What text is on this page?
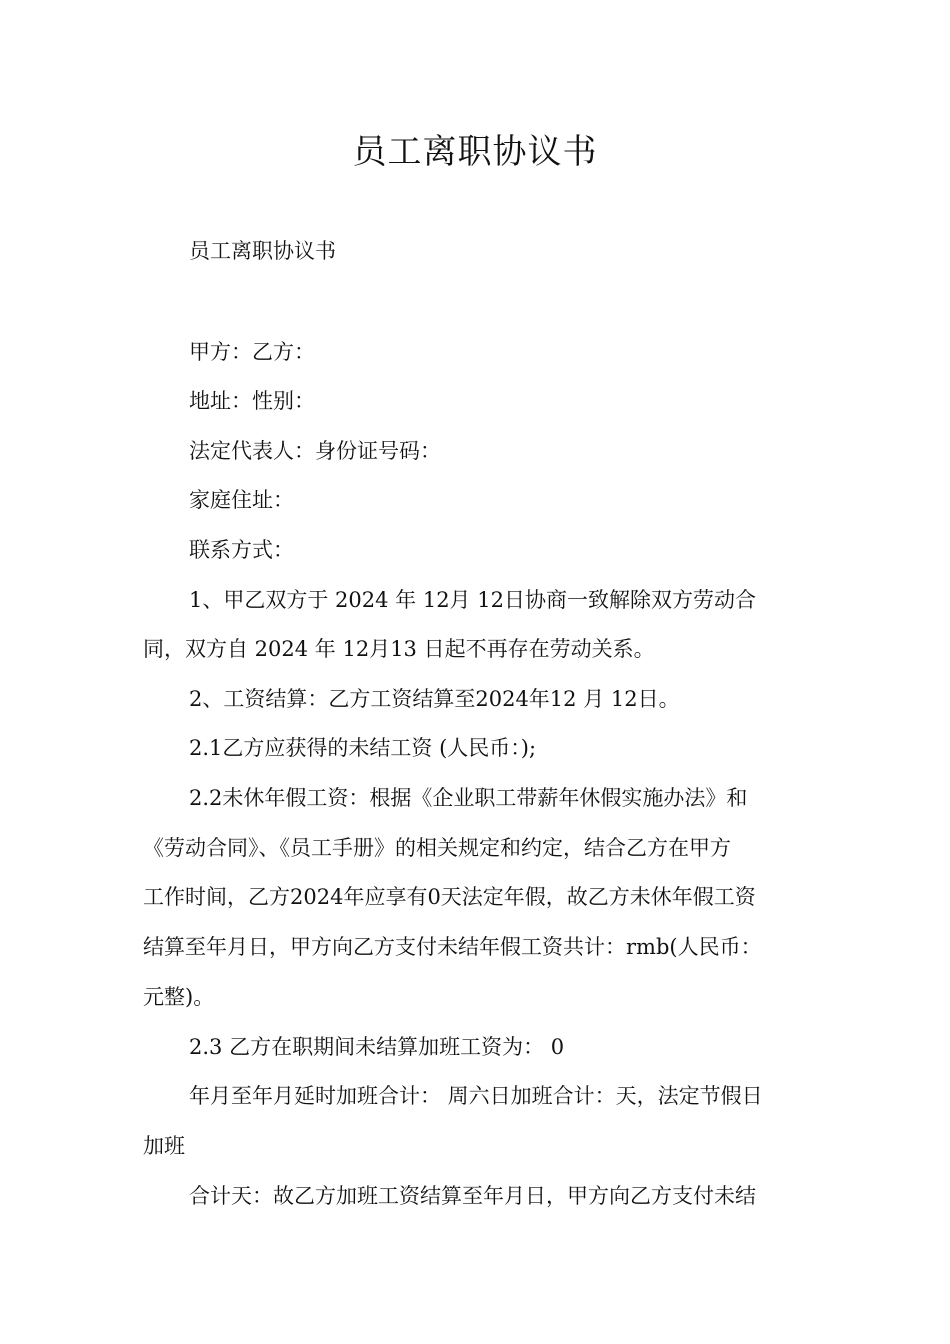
员工离职协议书
员工离职协议书
甲方：乙方：
地址：性别：
法定代表人：身份证号码：
家庭住址：
联系方式：
1、甲乙双方于 2024 年 12月 12日协商一致解除双方劳动合
同，双方自 2024 年 12月13 日起不再存在劳动关系。
2、工资结算：乙方工资结算至2024年12 月 12日。
2.1乙方应获得的未结工资 (人民币：);
2.2未休年假工资：根据《企业职工带薪年休假实施办法》和
《劳动合同》、《员工手册》的相关规定和约定，结合乙方在甲方
工作时间，乙方2024年应享有0天法定年假，故乙方未休年假工资
结算至年月日，甲方向乙方支付未结年假工资共计：rmb(人民币：
元整)。
2.3 乙方在职期间未结算加班工资为： 0
年月至年月延时加班合计： 周六日加班合计：天，法定节假日
加班
合计天：故乙方加班工资结算至年月日，甲方向乙方支付未结
